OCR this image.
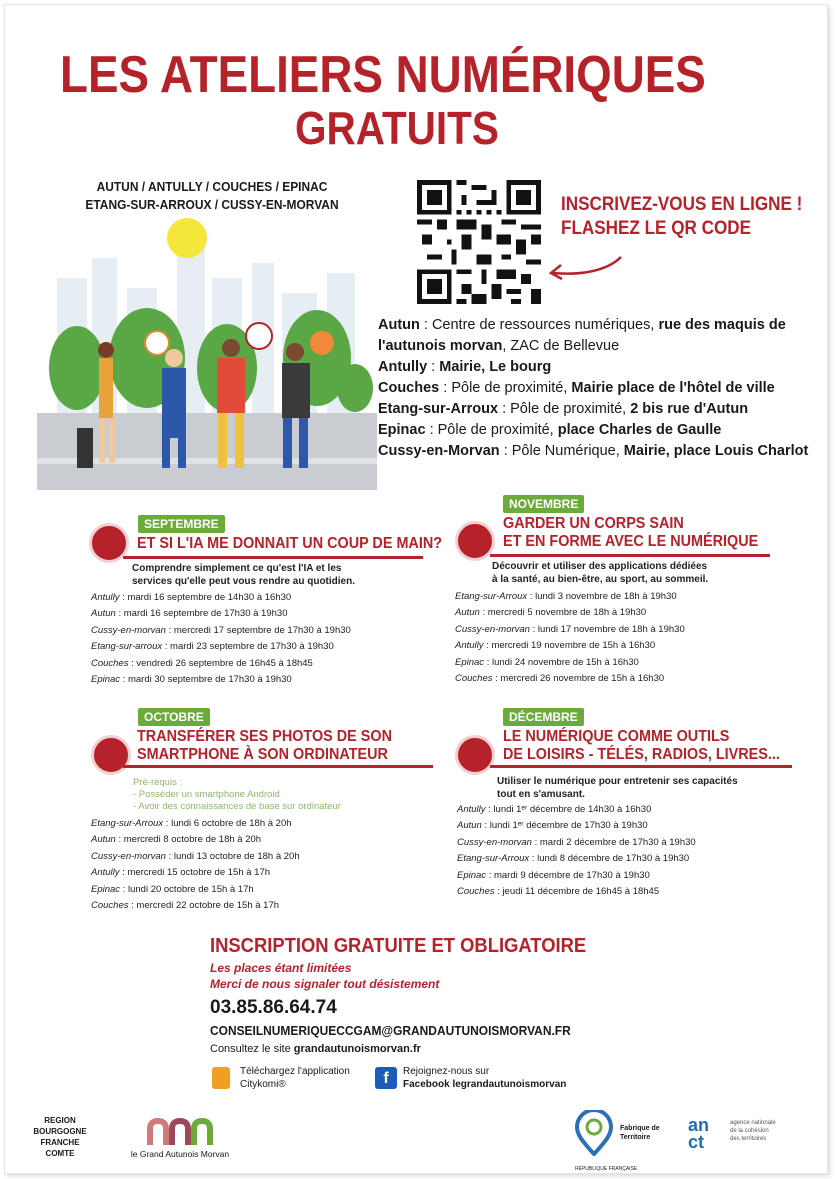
LES ATELIERS NUMÉRIQUES
GRATUITS
AUTUN / ANTULLY / COUCHES / EPINAC
ETANG-SUR-ARROUX / CUSSY-EN-MORVAN	INSCRIVEZ-VOUS EN LIGNE !
FLASHEZ LE QR CODE
Autun : Centre de ressources numériques, rue des maquis de l'autunois morvan, ZAC de Bellevue
Antully : Mairie, Le bourg
Couches : Pôle de proximité, Mairie place de l'hôtel de ville
Etang-sur-Arroux : Pôle de proximité, 2 bis rue d'Autun
Epinac : Pôle de proximité, place Charles de Gaulle
Cussy-en-Morvan : Pôle Numérique, Mairie, place Louis Charlot
SEPTEMBRE
ET SI L'IA ME DONNAIT UN COUP DE MAIN?
Comprendre simplement ce qu'est l'IA et les
services qu'elle peut vous rendre au quotidien.
Antully : mardi 16 septembre de 14h30 à 16h30
Autun : mardi 16 septembre de 17h30 à 19h30
Cussy-en-morvan : mercredi 17 septembre de 17h30 à 19h30
Etang-sur-arroux : mardi 23 septembre de 17h30 à 19h30
Couches : vendredi 26 septembre de 16h45 à 18h45
Epinac : mardi 30 septembre de 17h30 à 19h30
NOVEMBRE
GARDER UN CORPS SAIN
ET EN FORME AVEC LE NUMÉRIQUE
Découvrir et utiliser des applications dédiées
à la santé, au bien-être, au sport, au sommeil.
Etang-sur-Arroux : lundi 3 novembre de 18h à 19h30
Autun : mercredi 5 novembre de 18h à 19h30
Cussy-en-morvan : lundi 17 novembre de 18h à 19h30
Antully : mercredi 19 novembre de 15h à 16h30
Epinac : lundi 24 novembre de 15h à 16h30
Couches : mercredi 26 novembre de 15h à 16h30
OCTOBRE
TRANSFÉRER SES PHOTOS DE SON
SMARTPHONE À SON ORDINATEUR
Pré-requis :
- Posséder un smartphone Android
- Avoir des connaissances de base sur ordinateur
Etang-sur-Arroux : lundi 6 octobre de 18h à 20h
Autun : mercredi 8 octobre de 18h à 20h
Cussy-en-morvan : lundi 13 octobre de 18h à 20h
Antully : mercredi 15 octobre de 15h à 17h
Epinac : lundi 20 octobre de 15h à 17h
Couches : mercredi 22 octobre de 15h à 17h
DÉCEMBRE
LE NUMÉRIQUE COMME OUTILS
DE LOISIRS - TÉLÉS, RADIOS, LIVRES...
Utiliser le numérique pour entretenir ses capacités
tout en s'amusant.
Antully : lundi 1ᵉʳ décembre de 14h30 à 16h30
Autun : lundi 1ᵉʳ décembre de 17h30 à 19h30
Cussy-en-morvan : mardi 2 décembre de 17h30 à 19h30
Etang-sur-Arroux : lundi 8 décembre de 17h30 à 19h30
Epinac : mardi 9 décembre de 17h30 à 19h30
Couches : jeudi 11 décembre de 16h45 à 18h45
INSCRIPTION GRATUITE ET OBLIGATOIRE
Les places étant limitées
Merci de nous signaler tout désistement
03.85.86.64.74
CONSEILNUMERIQUECCGAM@GRANDAUTUNOISMORVAN.FR
Consultez le site grandautunoismorvan.fr
Téléchargez l'application
Citykomi®	f	Rejoignez-nous sur
Facebook legrandautunoismorvan
REGION
BOURGOGNE
FRANCHE
COMTE	le Grand Autunois Morvan
Fabrique de
Territoire
RÉPUBLIQUE FRANÇAISE
an ct
agence nationale
de la cohésion
des territoires
